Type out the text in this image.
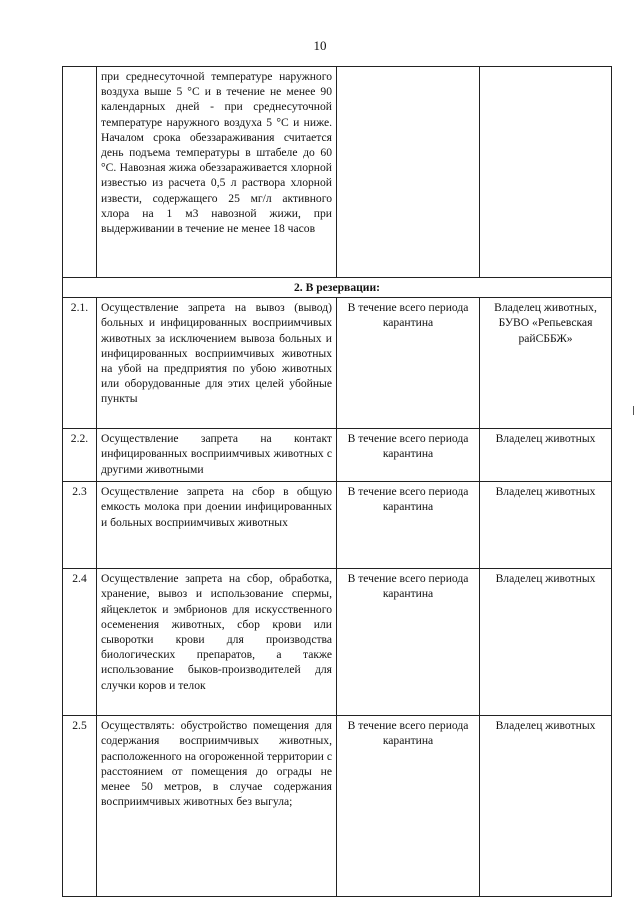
10

	при среднесуточной температуре наружного воздуха выше 5 °С и в течение не менее 90 календарных дней - при среднесуточной температуре наружного воздуха 5 °С и ниже. Началом срока обеззараживания считается день подъема температуры в штабеле до 60 °С. Навозная жижа обеззараживается хлорной известью из расчета 0,5 л раствора хлорной извести, содержащего 25 мг/л активного хлора на 1 м3 навозной жижи, при выдерживании в течение не менее 18 часов		

2. В резервации:			
2.1.	Осуществление запрета на вывоз (вывод) больных и инфицированных восприимчивых животных за исключением вывоза больных и инфицированных восприимчивых животных на убой на предприятия по убою животных или оборудованные для этих целей убойные пункты	В течение всего периода карантина	Владелец животных, БУВО «Репьевская райСББЖ»
2.2.	Осуществление запрета на контакт инфицированных восприимчивых животных с другими животными	В течение всего периода карантина	Владелец животных
2.3	Осуществление запрета на сбор в общую емкость молока при доении инфицированных и больных восприимчивых животных	В течение всего периода карантина	Владелец животных
2.4	Осуществление запрета на сбор, обработка, хранение, вывоз и использование спермы, яйцеклеток и эмбрионов для искусственного осеменения животных, сбор крови или сыворотки крови для производства биологических препаратов, а также использование быков-производителей для случки коров и телок	В течение всего периода карантина	Владелец животных
2.5	Осуществлять: обустройство помещения для содержания восприимчивых животных, расположенного на огороженной территории с расстоянием от помещения до ограды не менее 50 метров, в случае содержания восприимчивых животных без выгула;	В течение всего периода карантина	Владелец животных
